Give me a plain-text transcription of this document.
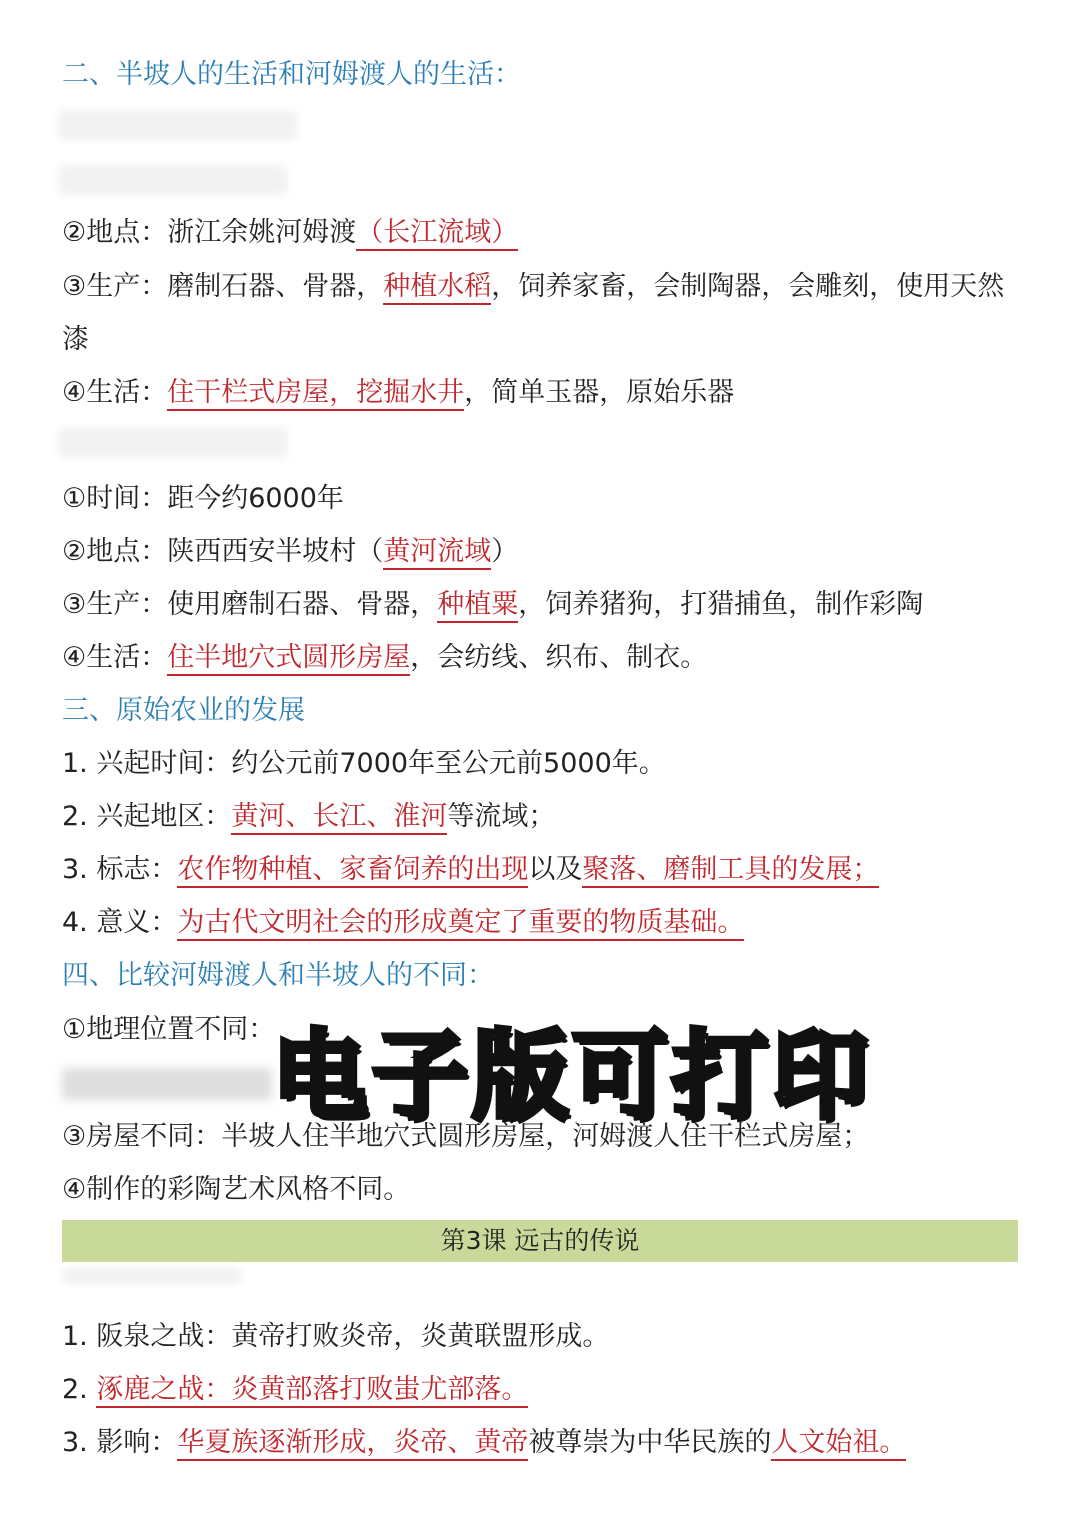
二、半坡人的生活和河姆渡人的生活：
②地点：浙江余姚河姆渡（长江流域）
③生产：磨制石器、骨器，种植水稻，饲养家畜，会制陶器，会雕刻，使用天然
漆
④生活：住干栏式房屋，挖掘水井，简单玉器，原始乐器
①时间：距今约6000年
②地点：陕西西安半坡村（黄河流域）
③生产：使用磨制石器、骨器，种植粟，饲养猪狗，打猎捕鱼，制作彩陶
④生活：住半地穴式圆形房屋，会纺线、织布、制衣。
三、原始农业的发展
1. 兴起时间：约公元前7000年至公元前5000年。
2. 兴起地区：黄河、长江、淮河等流域；
3. 标志：农作物种植、家畜饲养的出现以及聚落、磨制工具的发展；
4. 意义：为古代文明社会的形成奠定了重要的物质基础。
四、比较河姆渡人和半坡人的不同：
①地理位置不同：
③房屋不同：半坡人住半地穴式圆形房屋，河姆渡人住干栏式房屋；
④制作的彩陶艺术风格不同。
电子版可打印
第3课 远古的传说
1. 阪泉之战：黄帝打败炎帝，炎黄联盟形成。
2. 涿鹿之战：炎黄部落打败蚩尤部落。
3. 影响：华夏族逐渐形成，炎帝、黄帝被尊崇为中华民族的人文始祖。
